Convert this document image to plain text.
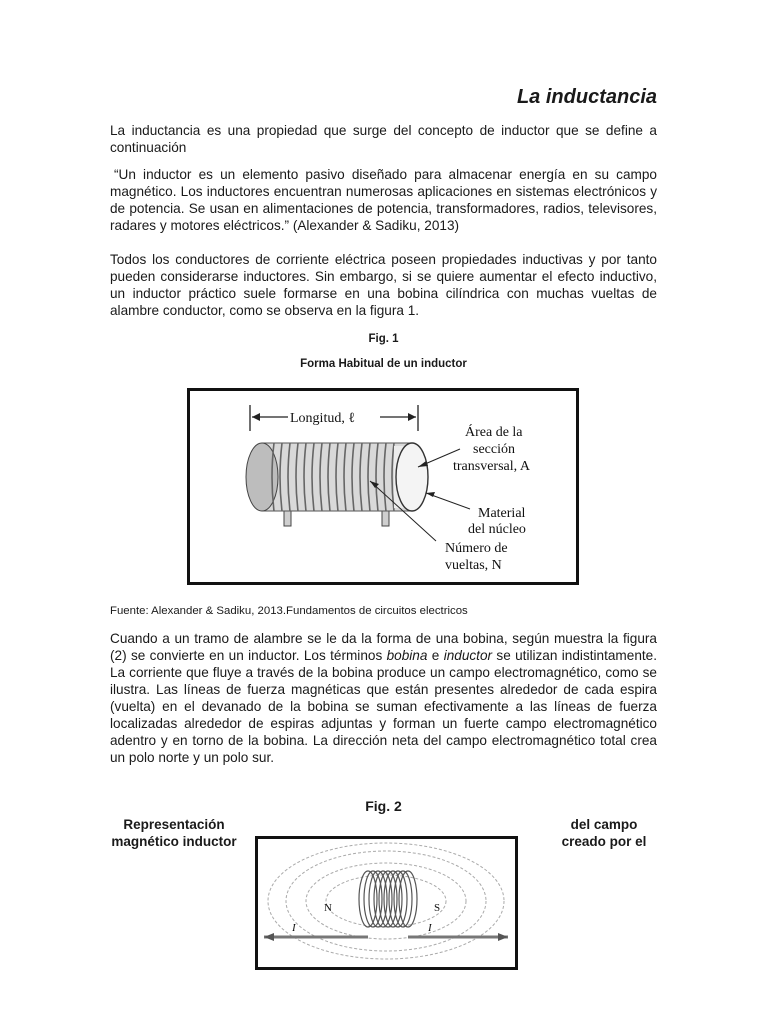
La inductancia

La inductancia es una propiedad que surge del concepto de inductor que se define a continuación

“Un inductor es un elemento pasivo diseñado para almacenar energía en su campo magnético. Los inductores encuentran numerosas aplicaciones en sistemas electrónicos y de potencia. Se usan en alimentaciones de potencia, transformadores, radios, televisores, radares y motores eléctricos.” (Alexander & Sadiku, 2013)

Todos los conductores de corriente eléctrica poseen propiedades inductivas y por tanto pueden considerarse inductores. Sin embargo, si se quiere aumentar el efecto inductivo, un inductor práctico suele formarse en una bobina cilíndrica con muchas vueltas de alambre conductor, como se observa en la figura 1.

Fig. 1

Forma Habitual de un inductor

Longitud, ℓ
Área de la
sección
transversal, A
Material
del núcleo
Número de
vueltas, N

Fuente: Alexander & Sadiku, 2013.Fundamentos de circuitos electricos

Cuando a un tramo de alambre se le da la forma de una bobina, según muestra la figura (2) se convierte en un inductor. Los términos bobina e inductor se utilizan indistintamente. La corriente que fluye a través de la bobina produce un campo electromagnético, como se ilustra. Las líneas de fuerza magnéticas que están presentes alrededor de cada espira (vuelta) en el devanado de la bobina se suman efectivamente a las líneas de fuerza localizadas alrededor de espiras adjuntas y forman un fuerte campo electromagnético adentro y en torno de la bobina. La dirección neta del campo electromagnético total crea un polo norte y un polo sur.

Fig. 2

Representación magnético inductor

del campo creado por el

N	S
I	I
